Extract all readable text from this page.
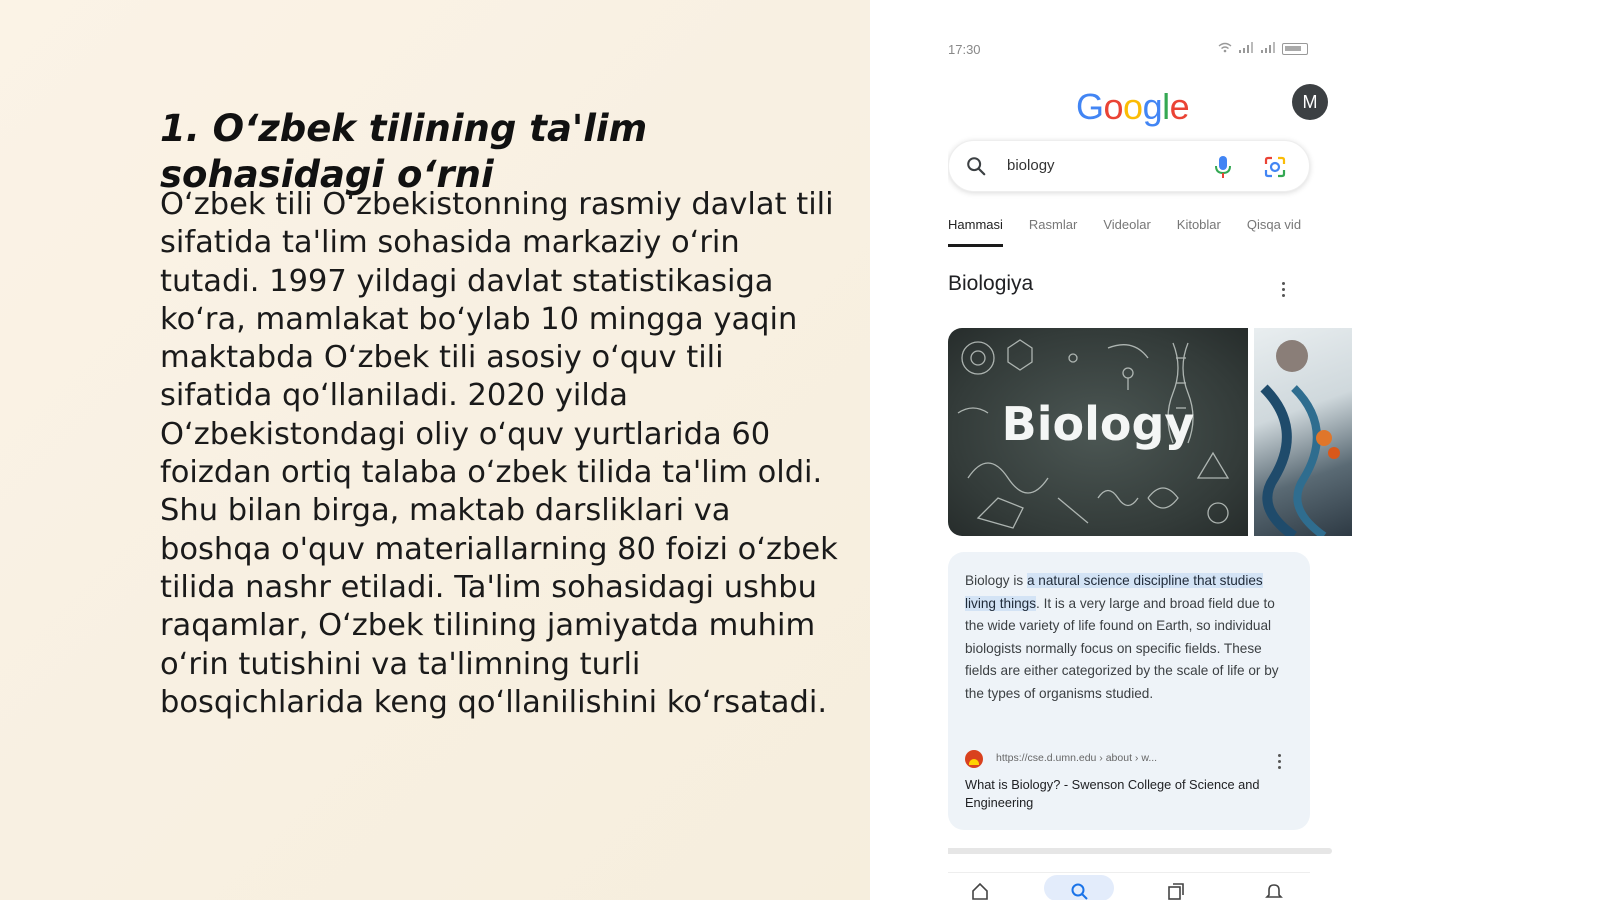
1. O‘zbek tilining ta'lim sohasidagi o‘rni

O‘zbek tili O‘zbekistonning rasmiy davlat tili sifatida ta'lim sohasida markaziy o‘rin tutadi. 1997 yildagi davlat statistikasiga ko‘ra, mamlakat bo‘ylab 10 mingga yaqin maktabda O‘zbek tili asosiy o‘quv tili sifatida qo‘llaniladi. 2020 yilda O‘zbekistondagi oliy o‘quv yurtlarida 60 foizdan ortiq talaba o‘zbek tilida ta'lim oldi. Shu bilan birga, maktab darsliklari va boshqa o'quv materiallarning 80 foizi o‘zbek tilida nashr etiladi. Ta'lim sohasidagi ushbu raqamlar, O‘zbek tilining jamiyatda muhim o‘rin tutishini va ta'limning turli bosqichlarida keng qo‘llanilishini ko‘rsatadi.

17:30
Google	M
biology
Hammasi Rasmlar Videolar Kitoblar Qisqa vid
Biologiya
Biology

Biology is a natural science discipline that studies living things. It is a very large and broad field due to the wide variety of life found on Earth, so individual biologists normally focus on specific fields. These fields are either categorized by the scale of life or by the types of organisms studied.

https://cse.d.umn.edu › about › w...
What is Biology? - Swenson College of Science and Engineering
